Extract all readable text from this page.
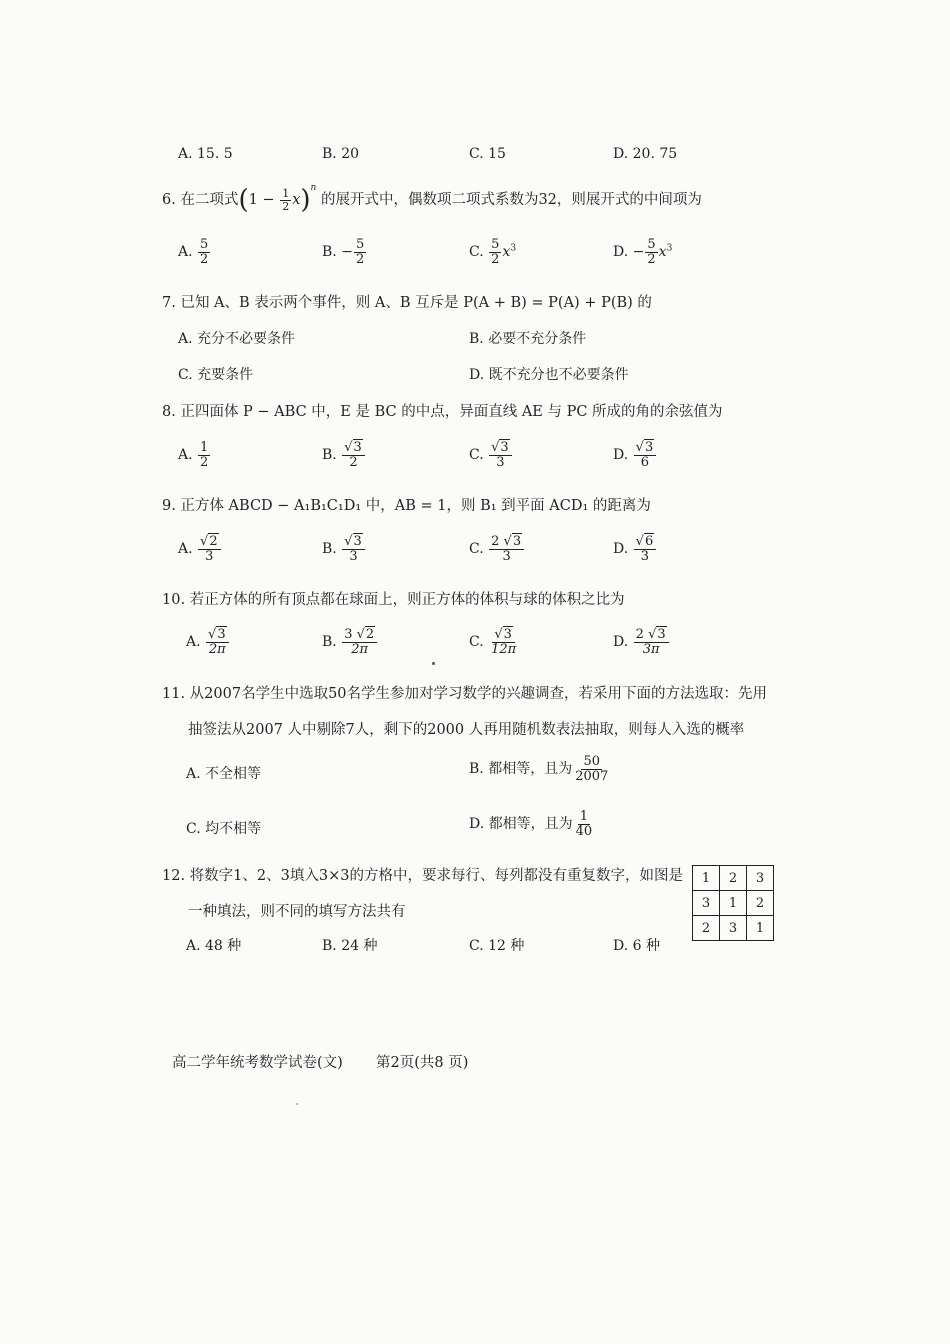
A. 15. 5	B. 20	C. 15	D. 20. 75
6. 在二项式$(1 - \frac{1}{2} x)^n$ 的展开式中，偶数项二项式系数为32，则展开式的中间项为
A. $\frac{5}{2}$	B. − $\frac{5}{2}$	C. $\frac{5}{2} x^3$	D. − $\frac{5}{2} x^3$
7. 已知 A、B 表示两个事件，则 A、B 互斥是 P(A + B) = P(A) + P(B) 的
A. 充分不必要条件	B. 必要不充分条件
C. 充要条件	D. 既不充分也不必要条件
8. 正四面体 P − ABC 中，E 是 BC 的中点，异面直线 AE 与 PC 所成的角的余弦值为
A. $\frac{1}{2}$	B. $\frac{√3}{2}$	C. $\frac{√3}{3}$	D. $\frac{√3}{6}$
9. 正方体 ABCD − A₁B₁C₁D₁ 中，AB = 1，则 B₁ 到平面 ACD₁ 的距离为
A. $\frac{√2}{3}$	B. $\frac{√3}{3}$	C. $\frac{2 √3}{3}$	D. $\frac{√6}{3}$
10. 若正方体的所有顶点都在球面上，则正方体的体积与球的体积之比为
A. $\frac{√3}{2\pi}$	B. $\frac{3 √2}{2\pi}$	C. $\frac{√3}{12\pi}$	D. $\frac{2 √3}{3\pi}$
11. 从2007名学生中选取50名学生参加对学习数学的兴趣调查，若采用下面的方法选取：先用
抽签法从2007 人中剔除7人，剩下的2000 人再用随机数表法抽取，则每人入选的概率
A. 不全相等	B. 都相等，且为 $\frac{50}{2007}$
C. 均不相等	D. 都相等，且为 $\frac{1}{40}$
12. 将数字1、2、3填入3×3的方格中，要求每行、每列都没有重复数字，如图是
一种填法，则不同的填写方法共有
A. 48 种	B. 24 种	C. 12 种	D. 6 种
1	2	3
3	1	2
2	3	1
高二学年统考数学试卷(文) 第2页(共8 页)
